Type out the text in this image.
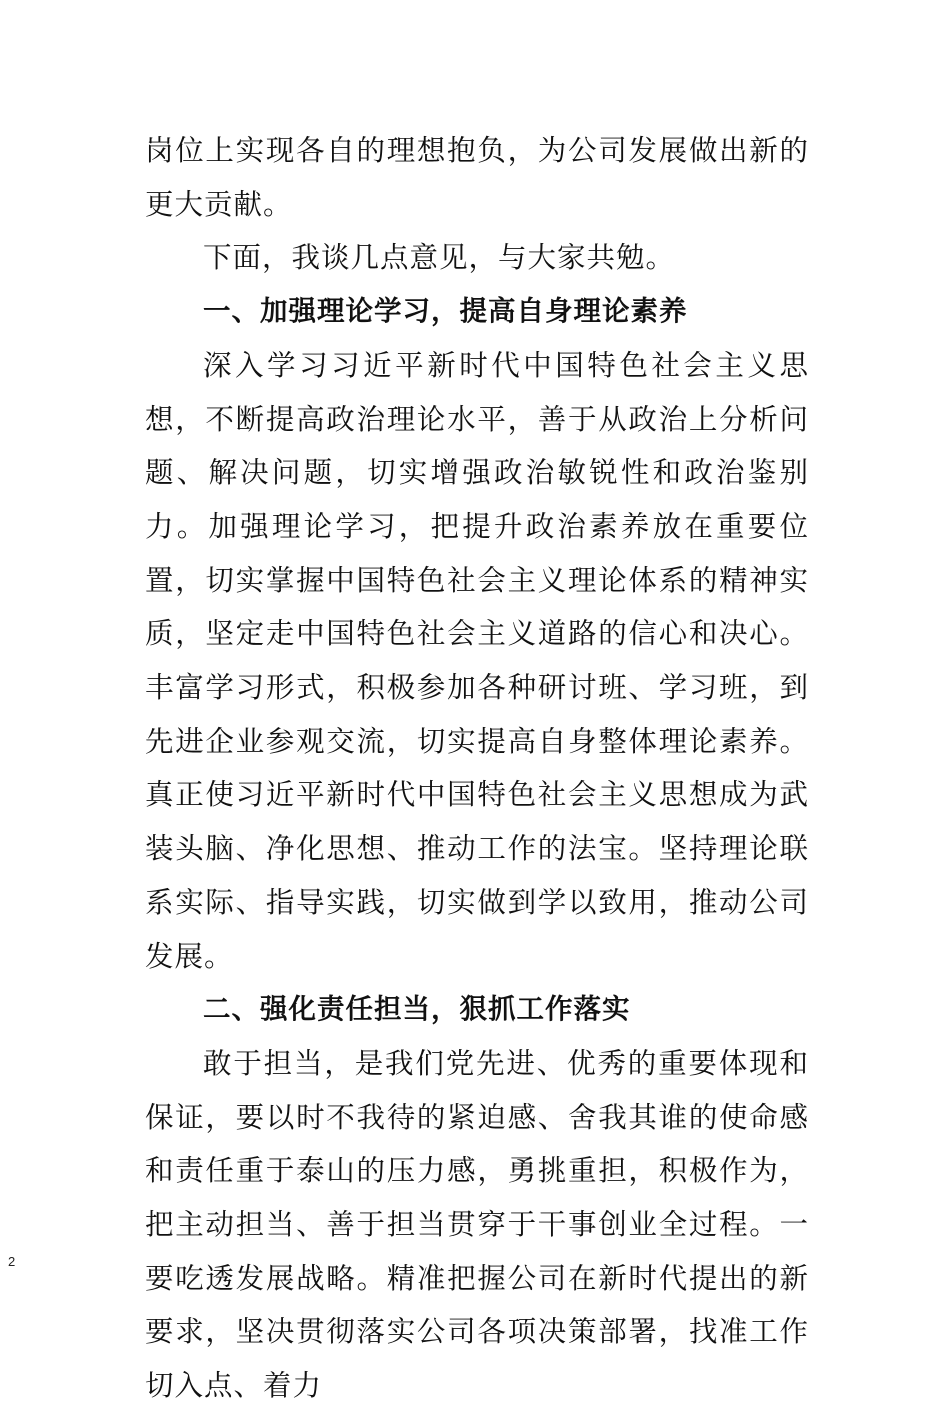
岗位上实现各自的理想抱负，为公司发展做出新的更大贡献。

下面，我谈几点意见，与大家共勉。

一、加强理论学习，提高自身理论素养

深入学习习近平新时代中国特色社会主义思想，不断提高政治理论水平，善于从政治上分析问题、解决问题，切实增强政治敏锐性和政治鉴别力。加强理论学习，把提升政治素养放在重要位置，切实掌握中国特色社会主义理论体系的精神实质，坚定走中国特色社会主义道路的信心和决心。丰富学习形式，积极参加各种研讨班、学习班，到先进企业参观交流，切实提高自身整体理论素养。真正使习近平新时代中国特色社会主义思想成为武装头脑、净化思想、推动工作的法宝。坚持理论联系实际、指导实践，切实做到学以致用，推动公司发展。

二、强化责任担当，狠抓工作落实

敢于担当，是我们党先进、优秀的重要体现和保证，要以时不我待的紧迫感、舍我其谁的使命感和责任重于泰山的压力感，勇挑重担，积极作为，把主动担当、善于担当贯穿于干事创业全过程。一要吃透发展战略。精准把握公司在新时代提出的新要求，坚决贯彻落实公司各项决策部署，找准工作切入点、着力

2
